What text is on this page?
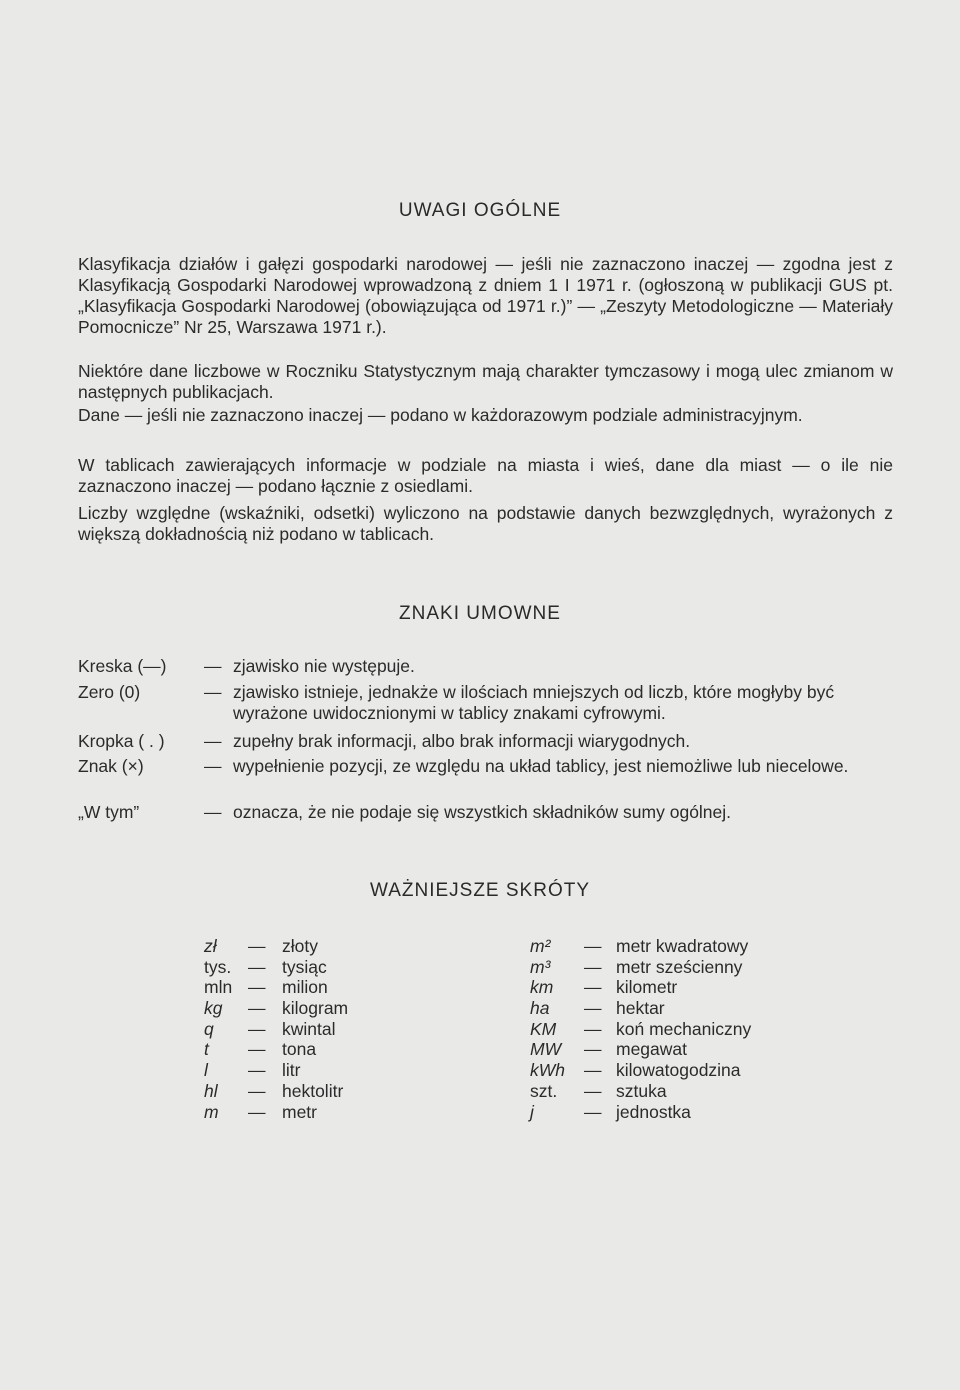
UWAGI OGÓLNE

Klasyfikacja działów i gałęzi gospodarki narodowej — jeśli nie zaznaczono inaczej — zgodna jest z Klasyfikacją Gospodarki Narodowej wprowadzoną z dniem 1 I 1971 r. (ogłoszoną w publikacji GUS pt. „Klasyfikacja Gospodarki Narodowej (obowiązująca od 1971 r.)” — „Zeszyty Metodologiczne — Materiały Pomocnicze” Nr 25, Warszawa 1971 r.).

Niektóre dane liczbowe w Roczniku Statystycznym mają charakter tymczasowy i mogą ulec zmianom w następnych publikacjach.

Dane — jeśli nie zaznaczono inaczej — podano w każdorazowym podziale administracyjnym.

W tablicach zawierających informacje w podziale na miasta i wieś, dane dla miast — o ile nie zaznaczono inaczej — podano łącznie z osiedlami.

Liczby względne (wskaźniki, odsetki) wyliczono na podstawie danych bezwzględnych, wyrażonych z większą dokładnością niż podano w tablicach.

ZNAKI UMOWNE
Kreska (—)	— zjawisko nie występuje.
Zero (0)	— zjawisko istnieje, jednakże w ilościach mniejszych od liczb, które mogłyby być wyrażone uwidocznionymi w tablicy znakami cyfrowymi.
Kropka ( . )	— zupełny brak informacji, albo brak informacji wiarygodnych.
Znak (×)	— wypełnienie pozycji, ze względu na układ tablicy, jest niemożliwe lub niecelowe.
„W tym”	— oznacza, że nie podaje się wszystkich składników sumy ogólnej.
WAŻNIEJSZE SKRÓTY
zł — złoty
tys. — tysiąc
mln — milion
kg — kilogram
q — kwintal
t — tona
l — litr
hl — hektolitr
m — metr
m² — metr kwadratowy
m³ — metr sześcienny
km — kilometr
ha — hektar
KM — koń mechaniczny
MW — megawat
kWh — kilowatogodzina
szt. — sztuka
j	— jednostka
